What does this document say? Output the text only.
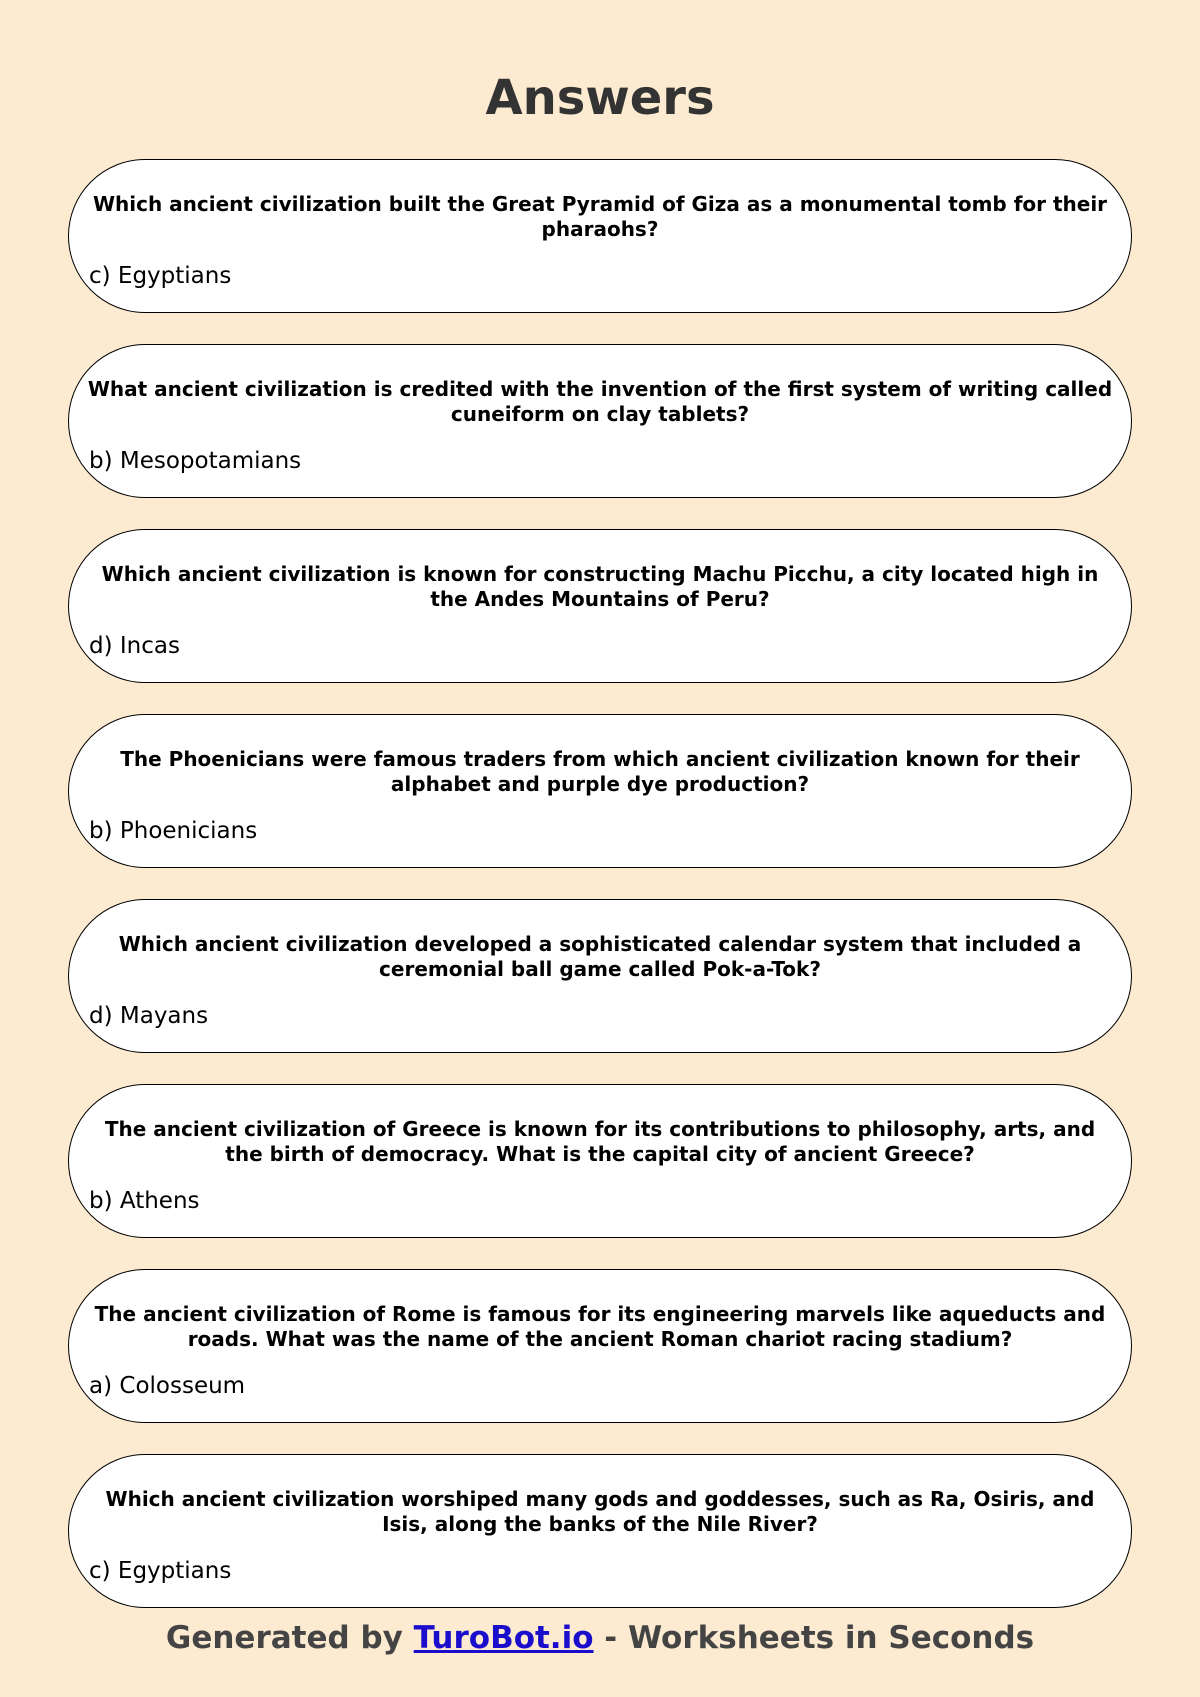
Answers
Which ancient civilization built the Great Pyramid of Giza as a monumental tomb for their pharaohs?
c) Egyptians
What ancient civilization is credited with the invention of the first system of writing called cuneiform on clay tablets?
b) Mesopotamians
Which ancient civilization is known for constructing Machu Picchu, a city located high in the Andes Mountains of Peru?
d) Incas
The Phoenicians were famous traders from which ancient civilization known for their alphabet and purple dye production?
b) Phoenicians
Which ancient civilization developed a sophisticated calendar system that included a ceremonial ball game called Pok-a-Tok?
d) Mayans
The ancient civilization of Greece is known for its contributions to philosophy, arts, and the birth of democracy. What is the capital city of ancient Greece?
b) Athens
The ancient civilization of Rome is famous for its engineering marvels like aqueducts and roads. What was the name of the ancient Roman chariot racing stadium?
a) Colosseum
Which ancient civilization worshiped many gods and goddesses, such as Ra, Osiris, and Isis, along the banks of the Nile River?
c) Egyptians
Generated by TuroBot.io - Worksheets in Seconds
